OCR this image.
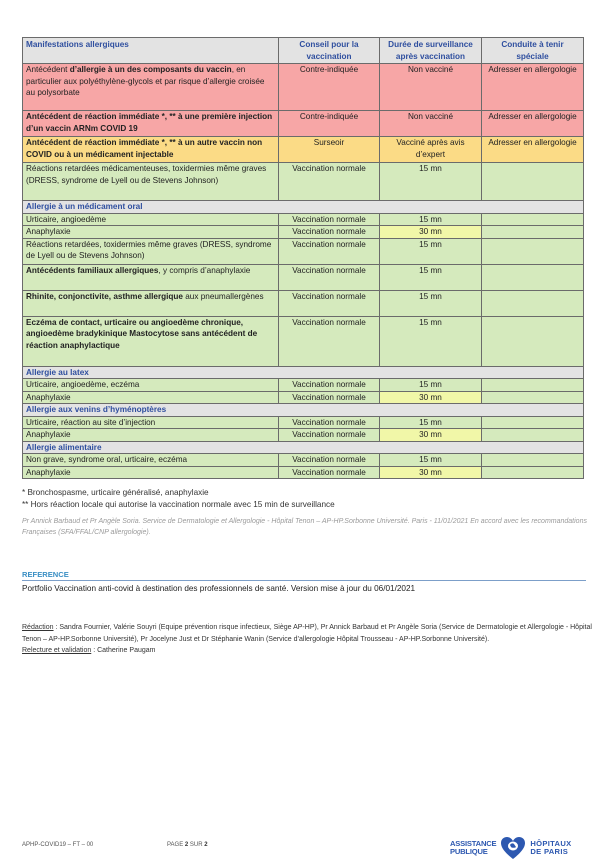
Manifestations allergiques	Conseil pour la vaccination	Durée de surveillance après vaccination	Conduite à tenir spéciale
Antécédent d’allergie à un des composants du vaccin, en particulier aux polyéthylène-glycols et par risque d’allergie croisée au polysorbate	Contre-indiquée	Non vacciné	Adresser en allergologie
Antécédent de réaction immédiate *, ** à une première injection d’un vaccin ARNm COVID 19	Contre-indiquée	Non vacciné	Adresser en allergologie
Antécédent de réaction immédiate *, ** à un autre vaccin non COVID ou à un médicament injectable	Surseoir	Vacciné après avis d’expert	Adresser en allergologie
Réactions retardées médicamenteuses, toxidermies même graves (DRESS, syndrome de Lyell ou de Stevens Johnson)	Vaccination normale	15 mn	
Allergie à un médicament oral			
Urticaire, angioedème	Vaccination normale	15 mn	
Anaphylaxie	Vaccination normale	30 mn	
Réactions retardées, toxidermies même graves (DRESS, syndrome de Lyell ou de Stevens Johnson)	Vaccination normale	15 mn	
Antécédents familiaux allergiques, y compris d’anaphylaxie	Vaccination normale	15 mn	
Rhinite, conjonctivite, asthme allergique aux pneumallergènes	Vaccination normale	15 mn	
Eczéma de contact, urticaire ou angioedème chronique, angioedème bradykinique Mastocytose sans antécédent de réaction anaphylactique	Vaccination normale	15 mn	
Allergie au latex			
Urticaire, angioedème, eczéma	Vaccination normale	15 mn	
Anaphylaxie	Vaccination normale	30 mn	
Allergie aux venins d’hyménoptères			
Urticaire, réaction au site d’injection	Vaccination normale	15 mn	
Anaphylaxie	Vaccination normale	30 mn	
Allergie alimentaire			
Non grave, syndrome oral, urticaire, eczéma	Vaccination normale	15 mn	
Anaphylaxie	Vaccination normale	30 mn	
* Bronchospasme, urticaire généralisé, anaphylaxie
** Hors réaction locale qui autorise la vaccination normale avec 15 min de surveillance
Pr Annick Barbaud et Pr Angèle Soria. Service de Dermatologie et Allergologie - Hôpital Tenon – AP-HP.Sorbonne Université. Paris - 11/01/2021 En accord avec les recommandations Françaises (SFA/FFAL/CNP allergologie).
REFERENCE
Portfolio Vaccination anti-covid à destination des professionnels de santé. Version mise à jour du 06/01/2021
Rédaction : Sandra Fournier, Valérie Souyri (Equipe prévention risque infectieux, Siège AP-HP), Pr Annick Barbaud et Pr Angèle Soria (Service de Dermatologie et Allergologie - Hôpital Tenon – AP-HP.Sorbonne Université), Pr Jocelyne Just et Dr Stéphanie Wanin (Service d’allergologie Hôpital Trousseau - AP-HP.Sorbonne Université).
Relecture et validation : Catherine Paugam
APHP-COVID19 – FT – 00	PAGE 2 SUR 2	ASSISTANCE
PUBLIQUE
HÔPITAUX
DE PARIS
